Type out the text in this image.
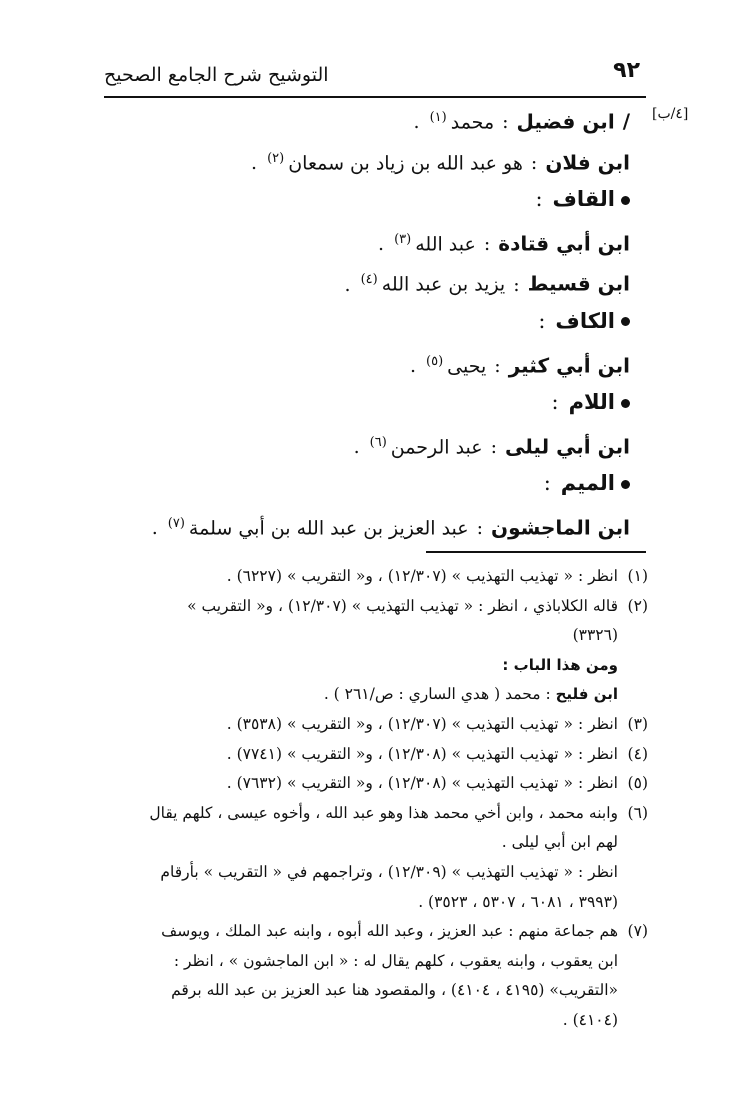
٩٢
التوشيح شرح الجامع الصحيح
[٤/ب]
/ابن فضيل:محمد$^{(١)}$.
ابن فلان:هو عبد الله بن زياد بن سمعان$^{(٢)}$.
القاف:
ابن أبي قتادة:عبد الله$^{(٣)}$.
ابن قسيط:يزيد بن عبد الله$^{(٤)}$.
الكاف:
ابن أبي كثير:يحيى$^{(٥)}$.
اللام:
ابن أبي ليلى:عبد الرحمن$^{(٦)}$.
الميم:
ابن الماجشون:عبد العزيز بن عبد الله بن أبي سلمة$^{(٧)}$.
(١)
انظر : « تهذيب التهذيب » (١٢/٣٠٧) ، و« التقريب » (٦٢٢٧) .
(٢)
قاله الكلاباذي ، انظر : « تهذيب التهذيب » (١٢/٣٠٧) ، و« التقريب »
(٣٣٢٦)
ومن هذا الباب :
ابن فليح : محمد ( هدي الساري : ص/٢٦١ ) .
(٣)
انظر : « تهذيب التهذيب » (١٢/٣٠٧) ، و« التقريب » (٣٥٣٨) .
(٤)
انظر : « تهذيب التهذيب » (١٢/٣٠٨) ، و« التقريب » (٧٧٤١) .
(٥)
انظر : « تهذيب التهذيب » (١٢/٣٠٨) ، و« التقريب » (٧٦٣٢) .
(٦)
وابنه محمد ، وابن أخي محمد هذا وهو عبد الله ، وأخوه عيسى ، كلهم يقال
لهم ابن أبي ليلى .
انظر : « تهذيب التهذيب » (١٢/٣٠٩) ، وتراجمهم في « التقريب » بأرقام
(٣٩٩٣ ، ٦٠٨١ ، ٥٣٠٧ ، ٣٥٢٣) .
(٧)
هم جماعة منهم : عبد العزيز ، وعبد الله أبوه ، وابنه عبد الملك ، ويوسف
ابن يعقوب ، وابنه يعقوب ، كلهم يقال له : « ابن الماجشون » ، انظر :
«التقريب» (٤١٩٥ ، ٤١٠٤) ، والمقصود هنا عبد العزيز بن عبد الله برقم
(٤١٠٤) .
